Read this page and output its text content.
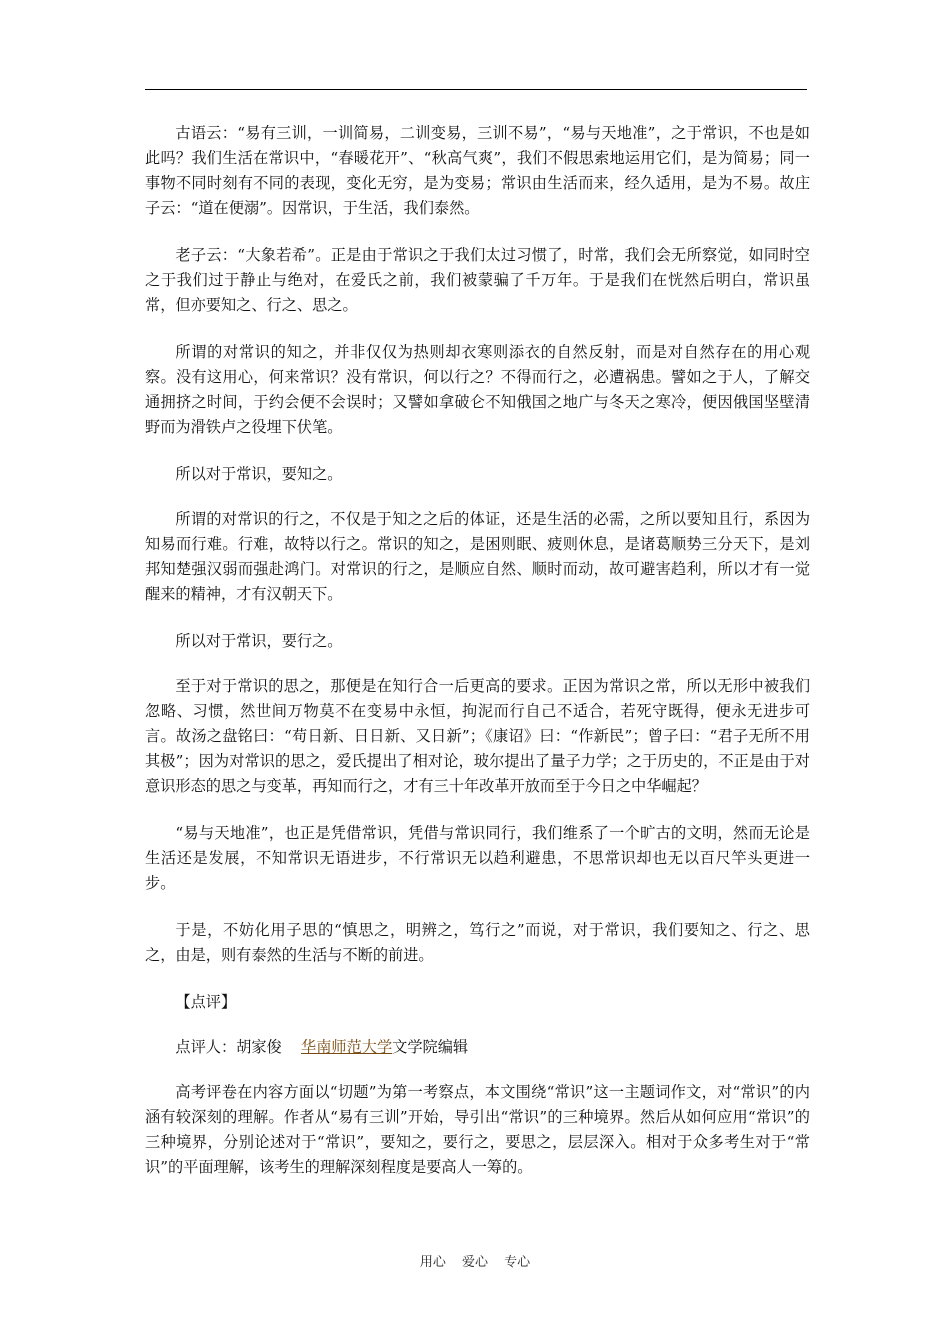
古语云：“易有三训，一训简易，二训变易，三训不易”，“易与天地准”，之于常识，不也是如此吗？我们生活在常识中，“春暖花开”、“秋高气爽”，我们不假思索地运用它们，是为简易；同一事物不同时刻有不同的表现，变化无穷，是为变易；常识由生活而来，经久适用，是为不易。故庄子云：“道在便溺”。因常识，于生活，我们泰然。

老子云：“大象若希”。正是由于常识之于我们太过习惯了，时常，我们会无所察觉，如同时空之于我们过于静止与绝对，在爱氏之前，我们被蒙骗了千万年。于是我们在恍然后明白，常识虽常，但亦要知之、行之、思之。

所谓的对常识的知之，并非仅仅为热则却衣寒则添衣的自然反射，而是对自然存在的用心观察。没有这用心，何来常识？没有常识，何以行之？不得而行之，必遭祸患。譬如之于人，了解交通拥挤之时间，于约会便不会误时；又譬如拿破仑不知俄国之地广与冬天之寒冷，便因俄国坚壁清野而为滑铁卢之役埋下伏笔。

所以对于常识，要知之。

所谓的对常识的行之，不仅是于知之之后的体证，还是生活的必需，之所以要知且行，系因为知易而行难。行难，故特以行之。常识的知之，是困则眠、疲则休息，是诸葛顺势三分天下，是刘邦知楚强汉弱而强赴鸿门。对常识的行之，是顺应自然、顺时而动，故可避害趋利，所以才有一觉醒来的精神，才有汉朝天下。

所以对于常识，要行之。

至于对于常识的思之，那便是在知行合一后更高的要求。正因为常识之常，所以无形中被我们忽略、习惯，然世间万物莫不在变易中永恒，拘泥而行自己不适合，若死守既得，便永无进步可言。故汤之盘铭曰：“苟日新、日日新、又日新”；《康诏》曰：“作新民”；曾子曰：“君子无所不用其极”；因为对常识的思之，爱氏提出了相对论，玻尔提出了量子力学；之于历史的，不正是由于对意识形态的思之与变革，再知而行之，才有三十年改革开放而至于今日之中华崛起？

“易与天地准”，也正是凭借常识，凭借与常识同行，我们维系了一个旷古的文明，然而无论是生活还是发展，不知常识无语进步，不行常识无以趋利避患，不思常识却也无以百尺竿头更进一步。

于是，不妨化用子思的“慎思之，明辨之，笃行之”而说，对于常识，我们要知之、行之、思之，由是，则有泰然的生活与不断的前进。

【点评】

点评人：胡家俊 华南师范大学文学院编辑

高考评卷在内容方面以“切题”为第一考察点，本文围绕“常识”这一主题词作文，对“常识”的内涵有较深刻的理解。作者从“易有三训”开始，导引出“常识”的三种境界。然后从如何应用“常识”的三种境界，分别论述对于“常识”，要知之，要行之，要思之，层层深入。相对于众多考生对于“常识”的平面理解，该考生的理解深刻程度是要高人一筹的。

用心 爱心 专心
